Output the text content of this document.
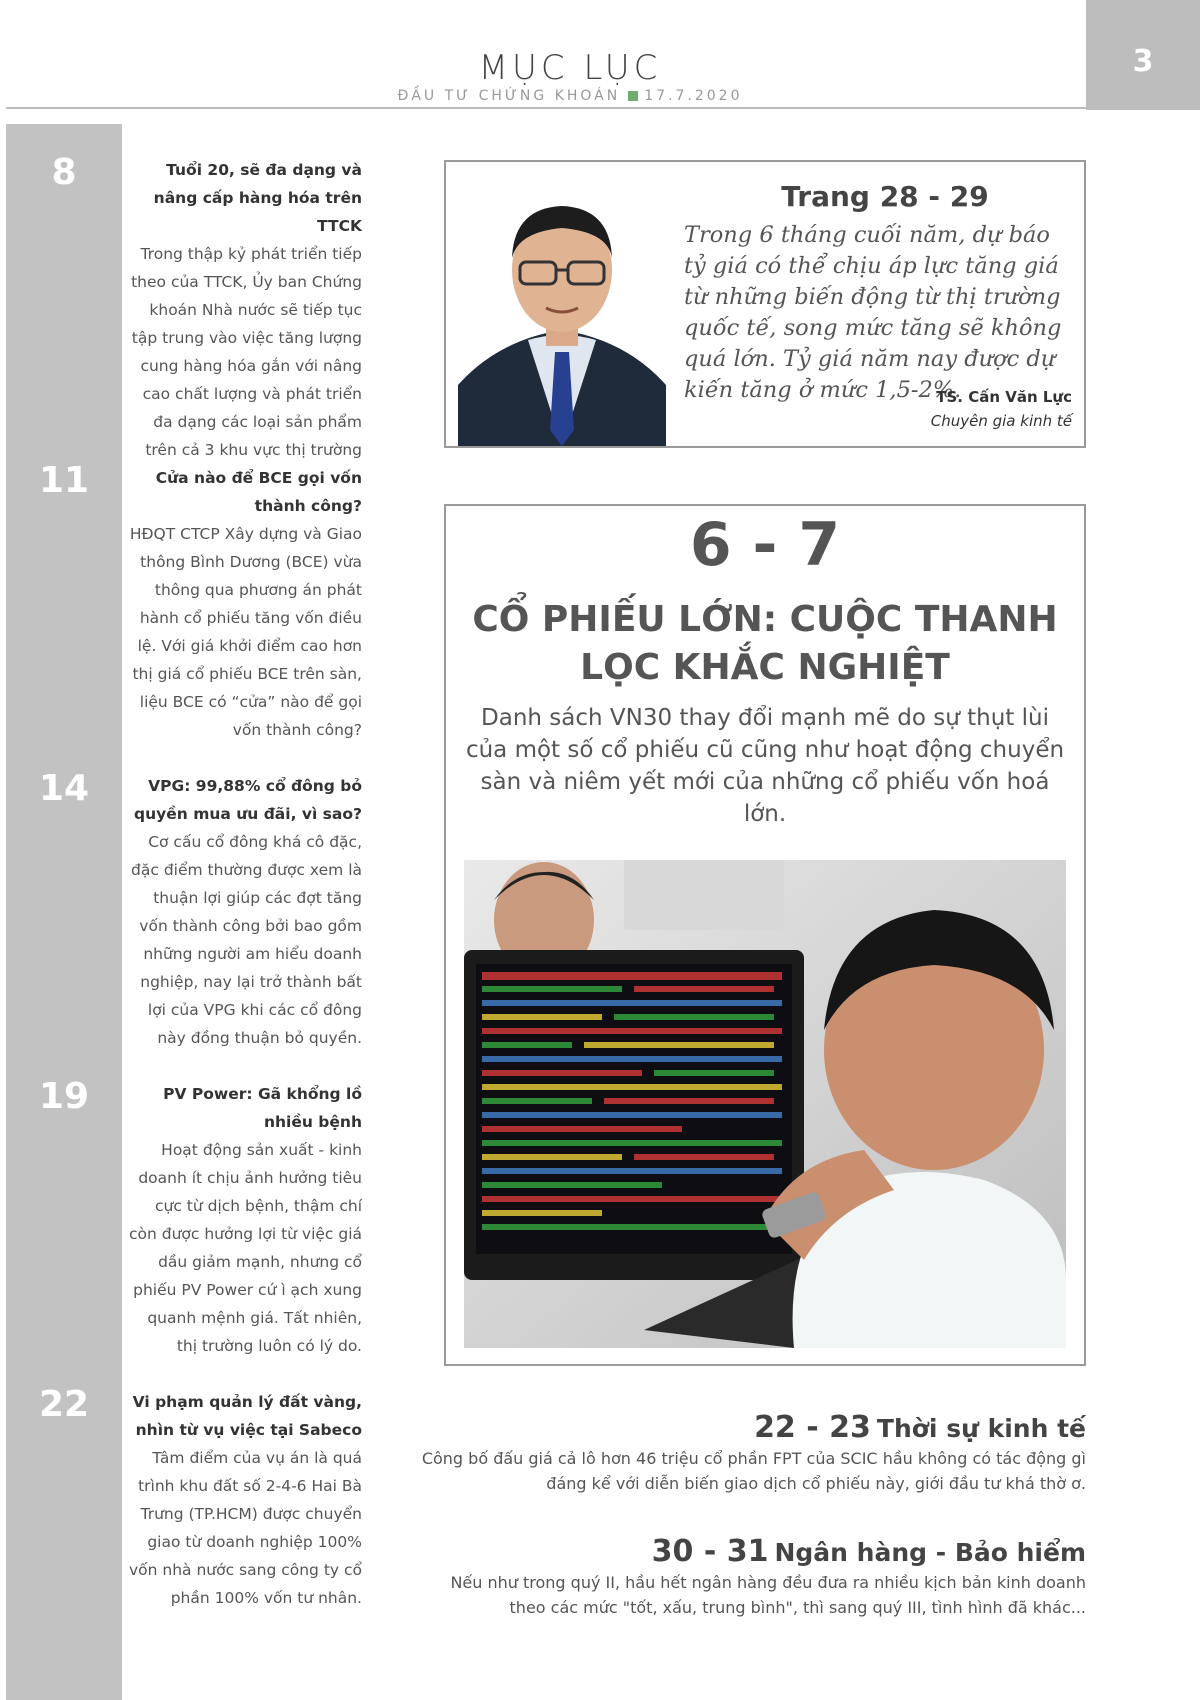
MỤC LỤC
ĐẦU TƯ CHỨNG KHOÁN 17.7.2020
3
8	Tuổi 20, sẽ đa dạng và nâng cấp hàng hóa trên TTCK
Trong thập kỷ phát triển tiếp theo của TTCK, Ủy ban Chứng khoán Nhà nước sẽ tiếp tục tập trung vào việc tăng lượng cung hàng hóa gắn với nâng cao chất lượng và phát triển đa dạng các loại sản phẩm trên cả 3 khu vực thị trường
11	Cửa nào để BCE gọi vốn thành công?
HĐQT CTCP Xây dựng và Giao thông Bình Dương (BCE) vừa thông qua phương án phát hành cổ phiếu tăng vốn điều lệ. Với giá khởi điểm cao hơn thị giá cổ phiếu BCE trên sàn, liệu BCE có “cửa” nào để gọi vốn thành công?
14	VPG: 99,88% cổ đông bỏ quyền mua ưu đãi, vì sao?
Cơ cấu cổ đông khá cô đặc, đặc điểm thường được xem là thuận lợi giúp các đợt tăng vốn thành công bởi bao gồm những người am hiểu doanh nghiệp, nay lại trở thành bất lợi của VPG khi các cổ đông này đồng thuận bỏ quyền.
19	PV Power: Gã khổng lồ nhiều bệnh
Hoạt động sản xuất - kinh doanh ít chịu ảnh hưởng tiêu cực từ dịch bệnh, thậm chí còn được hưởng lợi từ việc giá dầu giảm mạnh, nhưng cổ phiếu PV Power cứ ì ạch xung quanh mệnh giá. Tất nhiên, thị trường luôn có lý do.
22	Vi phạm quản lý đất vàng, nhìn từ vụ việc tại Sabeco
Tâm điểm của vụ án là quá trình khu đất số 2-4-6 Hai Bà Trưng (TP.HCM) được chuyển giao từ doanh nghiệp 100% vốn nhà nước sang công ty cổ phần 100% vốn tư nhân.
Trang 28 - 29
Trong 6 tháng cuối năm, dự báo tỷ giá có thể chịu áp lực tăng giá từ những biến động từ thị trường quốc tế, song mức tăng sẽ không quá lớn. Tỷ giá năm nay được dự kiến tăng ở mức 1,5-2%.
TS. Cấn Văn Lực
Chuyên gia kinh tế
6 - 7
CỔ PHIẾU LỚN: CUỘC THANH LỌC KHẮC NGHIỆT
Danh sách VN30 thay đổi mạnh mẽ do sự thụt lùi của một số cổ phiếu cũ cũng như hoạt động chuyển sàn và niêm yết mới của những cổ phiếu vốn hoá lớn.
22 - 23 Thời sự kinh tế
Công bố đấu giá cả lô hơn 46 triệu cổ phần FPT của SCIC hầu không có tác động gì đáng kể với diễn biến giao dịch cổ phiếu này, giới đầu tư khá thờ ơ.
30 - 31 Ngân hàng - Bảo hiểm
Nếu như trong quý II, hầu hết ngân hàng đều đưa ra nhiều kịch bản kinh doanh theo các mức "tốt, xấu, trung bình", thì sang quý III, tình hình đã khác...
